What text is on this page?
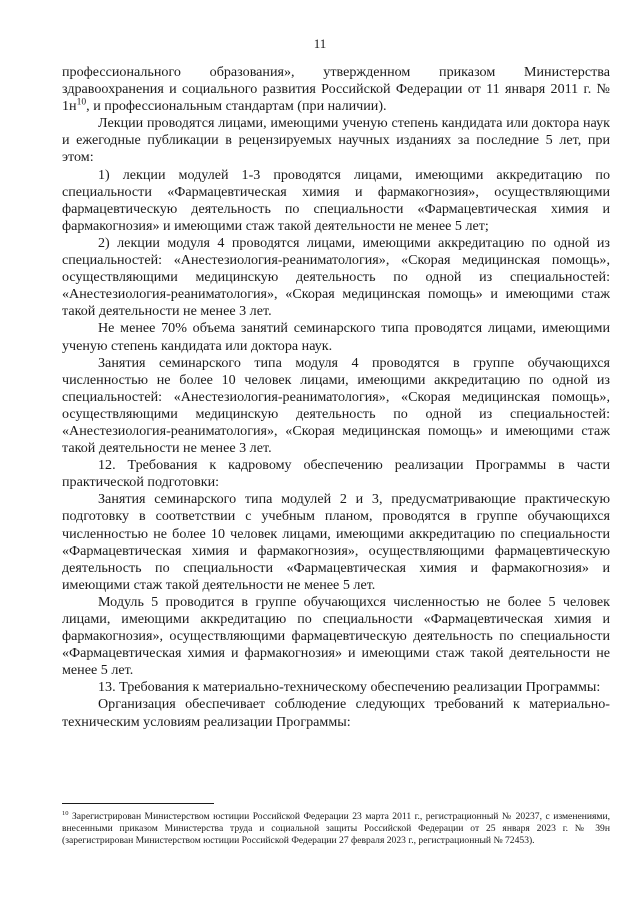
11

профессионального образования», утвержденном приказом Министерства здравоохранения и социального развития Российской Федерации от 11 января 2011 г. № $1н^{10}$, и профессиональным стандартам (при наличии).

Лекции проводятся лицами, имеющими ученую степень кандидата или доктора наук и ежегодные публикации в рецензируемых научных изданиях за последние 5 лет, при этом:

1) лекции модулей 1-3 проводятся лицами, имеющими аккредитацию по специальности «Фармацевтическая химия и фармакогнозия», осуществляющими фармацевтическую деятельность по специальности «Фармацевтическая химия и фармакогнозия» и имеющими стаж такой деятельности не менее 5 лет;

2) лекции модуля 4 проводятся лицами, имеющими аккредитацию по одной из специальностей: «Анестезиология-реаниматология», «Скорая медицинская помощь», осуществляющими медицинскую деятельность по одной из специальностей: «Анестезиология-реаниматология», «Скорая медицинская помощь» и имеющими стаж такой деятельности не менее 3 лет.

Не менее 70% объема занятий семинарского типа проводятся лицами, имеющими ученую степень кандидата или доктора наук.

Занятия семинарского типа модуля 4 проводятся в группе обучающихся численностью не более 10 человек лицами, имеющими аккредитацию по одной из специальностей: «Анестезиология-реаниматология», «Скорая медицинская помощь», осуществляющими медицинскую деятельность по одной из специальностей: «Анестезиология-реаниматология», «Скорая медицинская помощь» и имеющими стаж такой деятельности не менее 3 лет.

12. Требования к кадровому обеспечению реализации Программы в части практической подготовки:

Занятия семинарского типа модулей 2 и 3, предусматривающие практическую подготовку в соответствии с учебным планом, проводятся в группе обучающихся численностью не более 10 человек лицами, имеющими аккредитацию по специальности «Фармацевтическая химия и фармакогнозия», осуществляющими фармацевтическую деятельность по специальности «Фармацевтическая химия и фармакогнозия» и имеющими стаж такой деятельности не менее 5 лет.

Модуль 5 проводится в группе обучающихся численностью не более 5 человек лицами, имеющими аккредитацию по специальности «Фармацевтическая химия и фармакогнозия», осуществляющими фармацевтическую деятельность по специальности «Фармацевтическая химия и фармакогнозия» и имеющими стаж такой деятельности не менее 5 лет.

13. Требования к материально-техническому обеспечению реализации Программы:

Организация обеспечивает соблюдение следующих требований к материально-техническим условиям реализации Программы:

$^{10}$ Зарегистрирован Министерством юстиции Российской Федерации 23 марта 2011 г., регистрационный № 20237, с изменениями, внесенными приказом Министерства труда и социальной защиты Российской Федерации от 25 января 2023 г. № 39н (зарегистрирован Министерством юстиции Российской Федерации 27 февраля 2023 г., регистрационный № 72453).
